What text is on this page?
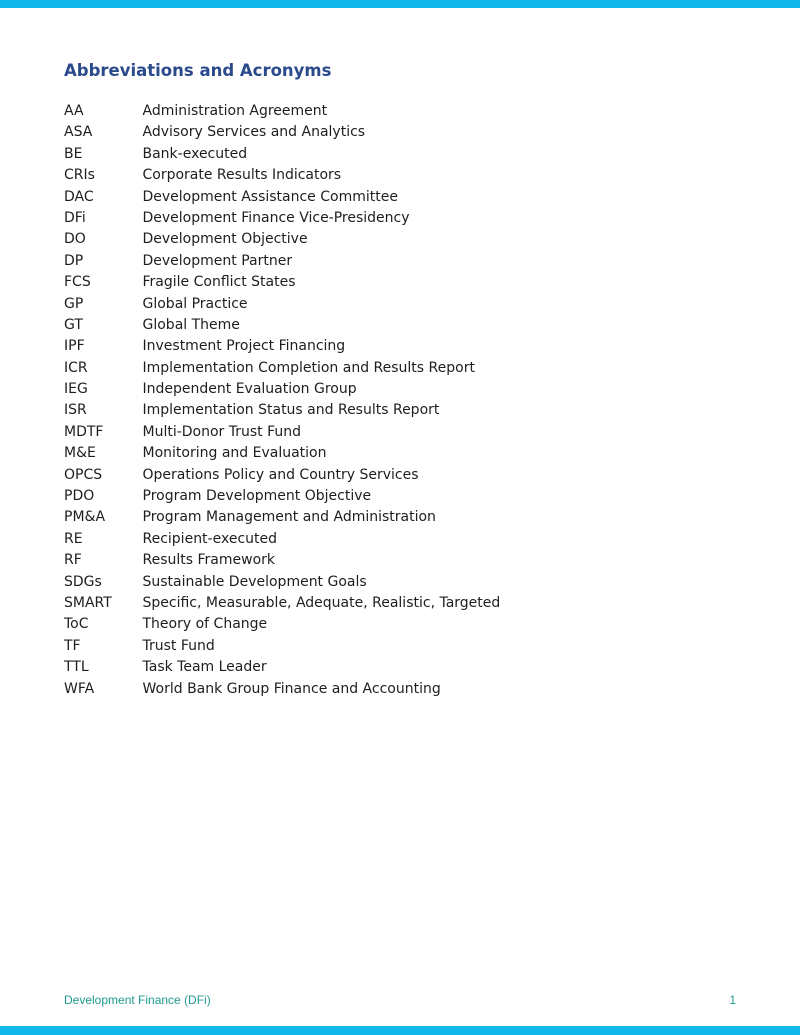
Abbreviations and Acronyms
AA	Administration Agreement
ASA	Advisory Services and Analytics
BE	Bank-executed
CRIs	Corporate Results Indicators
DAC	Development Assistance Committee
DFi	Development Finance Vice-Presidency
DO	Development Objective
DP	Development Partner
FCS	Fragile Conflict States
GP	Global Practice
GT	Global Theme
IPF	Investment Project Financing
ICR	Implementation Completion and Results Report
IEG	Independent Evaluation Group
ISR	Implementation Status and Results Report
MDTF	Multi-Donor Trust Fund
M&E	Monitoring and Evaluation
OPCS	Operations Policy and Country Services
PDO	Program Development Objective
PM&A	Program Management and Administration
RE	Recipient-executed
RF	Results Framework
SDGs	Sustainable Development Goals
SMART Specific, Measurable, Adequate, Realistic, Targeted
ToC	Theory of Change
TF	Trust Fund
TTL	Task Team Leader
WFA	World Bank Group Finance and Accounting
Development Finance (DFi)	1
